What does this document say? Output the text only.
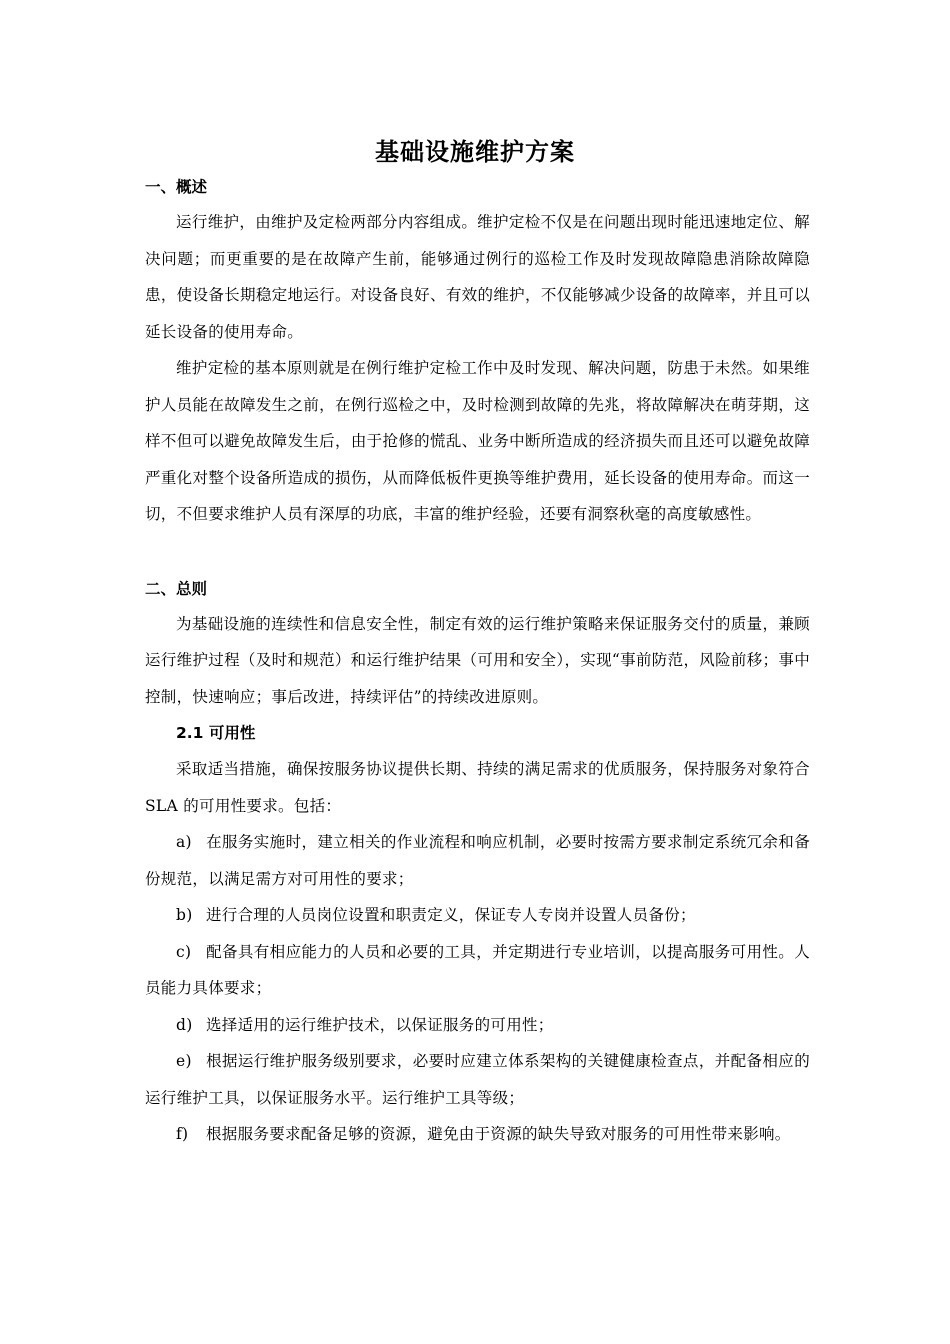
基础设施维护方案

一、概述

运行维护，由维护及定检两部分内容组成。维护定检不仅是在问题出现时能迅速地定位、解决问题；而更重要的是在故障产生前，能够通过例行的巡检工作及时发现故障隐患消除故障隐患，使设备长期稳定地运行。对设备良好、有效的维护，不仅能够减少设备的故障率，并且可以延长设备的使用寿命。

维护定检的基本原则就是在例行维护定检工作中及时发现、解决问题，防患于未然。如果维护人员能在故障发生之前，在例行巡检之中，及时检测到故障的先兆，将故障解决在萌芽期，这样不但可以避免故障发生后，由于抢修的慌乱、业务中断所造成的经济损失而且还可以避免故障严重化对整个设备所造成的损伤，从而降低板件更换等维护费用，延长设备的使用寿命。而这一切，不但要求维护人员有深厚的功底，丰富的维护经验，还要有洞察秋毫的高度敏感性。

二、总则

为基础设施的连续性和信息安全性，制定有效的运行维护策略来保证服务交付的质量，兼顾运行维护过程（及时和规范）和运行维护结果（可用和安全），实现“事前防范，风险前移；事中控制，快速响应；事后改进，持续评估”的持续改进原则。

2.1 可用性

采取适当措施，确保按服务协议提供长期、持续的满足需求的优质服务，保持服务对象符合 SLA 的可用性要求。包括：

a) 在服务实施时，建立相关的作业流程和响应机制，必要时按需方要求制定系统冗余和备份规范，以满足需方对可用性的要求；

b) 进行合理的人员岗位设置和职责定义，保证专人专岗并设置人员备份；

c) 配备具有相应能力的人员和必要的工具，并定期进行专业培训，以提高服务可用性。人员能力具体要求；

d) 选择适用的运行维护技术，以保证服务的可用性；

e) 根据运行维护服务级别要求，必要时应建立体系架构的关键健康检查点，并配备相应的运行维护工具，以保证服务水平。运行维护工具等级；

f) 根据服务要求配备足够的资源，避免由于资源的缺失导致对服务的可用性带来影响。
